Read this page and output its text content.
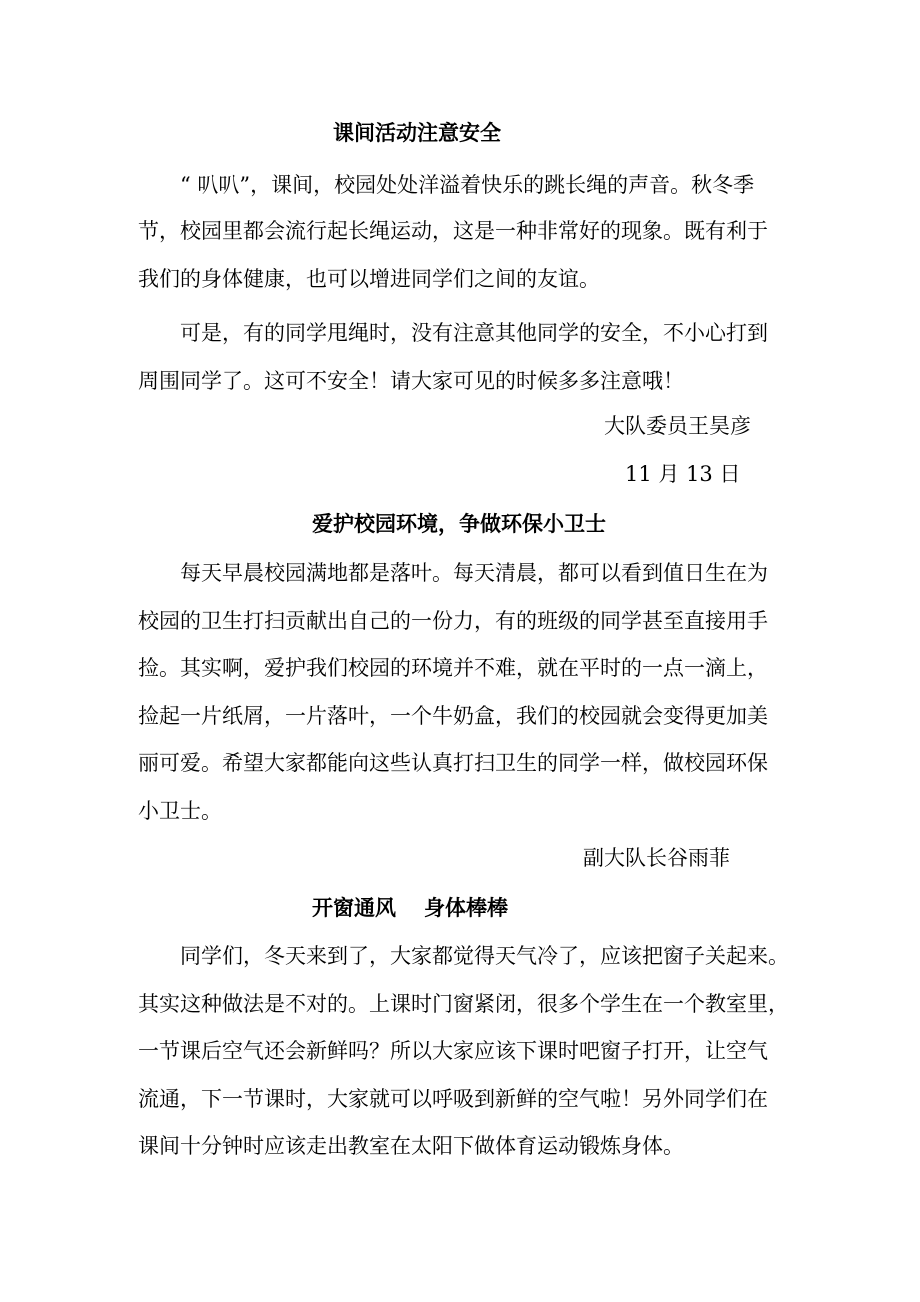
课间活动注意安全
“ 叭叭”，课间，校园处处洋溢着快乐的跳长绳的声音。秋冬季
节，校园里都会流行起长绳运动，这是一种非常好的现象。既有利于
我们的身体健康，也可以增进同学们之间的友谊。
可是，有的同学甩绳时，没有注意其他同学的安全，不小心打到
周围同学了。这可不安全！请大家可见的时候多多注意哦！
大队委员王昊彦
11 月 13 日
爱护校园环境，争做环保小卫士
每天早晨校园满地都是落叶。每天清晨，都可以看到值日生在为
校园的卫生打扫贡献出自己的一份力，有的班级的同学甚至直接用手
捡。其实啊，爱护我们校园的环境并不难，就在平时的一点一滴上，
捡起一片纸屑，一片落叶，一个牛奶盒，我们的校园就会变得更加美
丽可爱。希望大家都能向这些认真打扫卫生的同学一样，做校园环保
小卫士。
副大队长谷雨菲
开窗通风 身体棒棒
同学们，冬天来到了，大家都觉得天气冷了，应该把窗子关起来。
其实这种做法是不对的。上课时门窗紧闭，很多个学生在一个教室里，
一节课后空气还会新鲜吗？所以大家应该下课时吧窗子打开，让空气
流通，下一节课时，大家就可以呼吸到新鲜的空气啦！另外同学们在
课间十分钟时应该走出教室在太阳下做体育运动锻炼身体。
